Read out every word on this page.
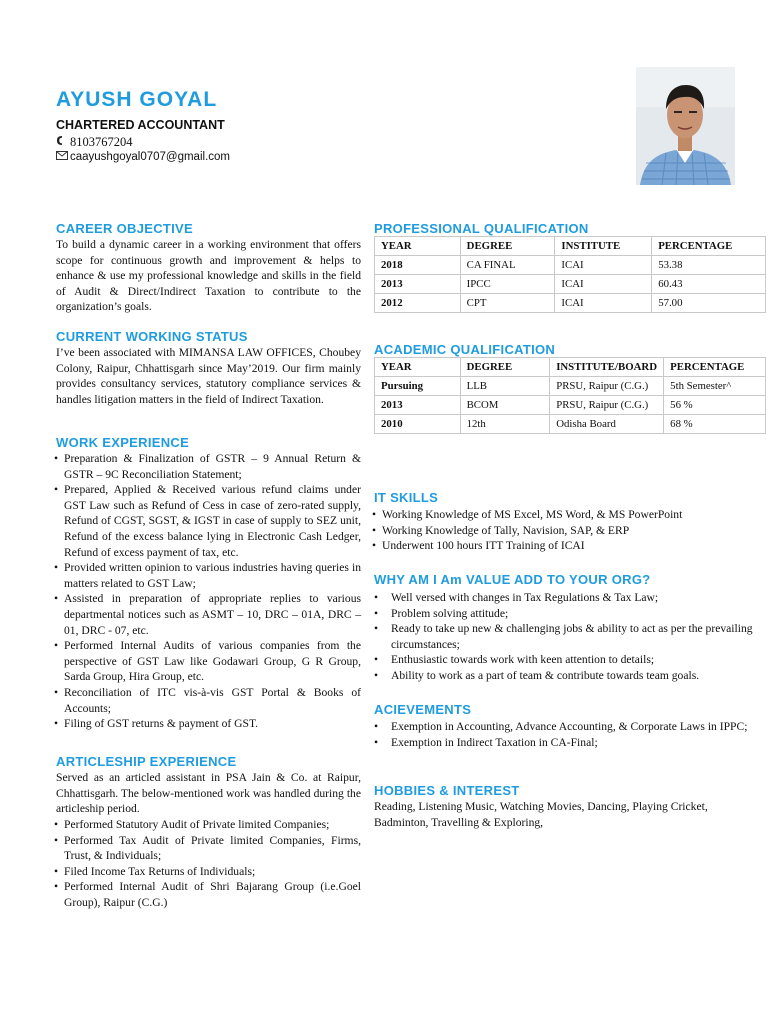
AYUSH GOYAL
CHARTERED ACCOUNTANT
8103767204
caayushgoyal0707@gmail.com
CAREER OBJECTIVE
To build a dynamic career in a working environment that offers scope for continuous growth and improvement & helps to enhance & use my professional knowledge and skills in the field of Audit & Direct/Indirect Taxation to contribute to the organization’s goals.
CURRENT WORKING STATUS
I’ve been associated with MIMANSA LAW OFFICES, Choubey Colony, Raipur, Chhattisgarh since May’2019. Our firm mainly provides consultancy services, statutory compliance services & handles litigation matters in the field of Indirect Taxation.
WORK EXPERIENCE
• Preparation & Finalization of GSTR – 9 Annual Return & GSTR – 9C Reconciliation Statement;
• Prepared, Applied & Received various refund claims under GST Law such as Refund of Cess in case of zero-rated supply, Refund of CGST, SGST, & IGST in case of supply to SEZ unit, Refund of the excess balance lying in Electronic Cash Ledger, Refund of excess payment of tax, etc.
• Provided written opinion to various industries having queries in matters related to GST Law;
• Assisted in preparation of appropriate replies to various departmental notices such as ASMT – 10, DRC – 01A, DRC – 01, DRC - 07, etc.
• Performed Internal Audits of various companies from the perspective of GST Law like Godawari Group, G R Group, Sarda Group, Hira Group, etc.
• Reconciliation of ITC vis-à-vis GST Portal & Books of Accounts;
• Filing of GST returns & payment of GST.
ARTICLESHIP EXPERIENCE
Served as an articled assistant in PSA Jain & Co. at Raipur, Chhattisgarh. The below-mentioned work was handled during the articleship period.
• Performed Statutory Audit of Private limited Companies;
• Performed Tax Audit of Private limited Companies, Firms, Trust, & Individuals;
• Filed Income Tax Returns of Individuals;
• Performed Internal Audit of Shri Bajarang Group (i.e.Goel Group), Raipur (C.G.)
PROFESSIONAL QUALIFICATION
YEAR	DEGREE	INSTITUTE	PERCENTAGE
2018	CA FINAL	ICAI	53.38
2013	IPCC	ICAI	60.43
2012	CPT	ICAI	57.00
ACADEMIC QUALIFICATION
YEAR	DEGREE	INSTITUTE/BOARD	PERCENTAGE
Pursuing	LLB	PRSU, Raipur (C.G.)	5th Semester^
2013	BCOM	PRSU, Raipur (C.G.)	56 %
2010	12th	Odisha Board	68 %
IT SKILLS
• Working Knowledge of MS Excel, MS Word, & MS PowerPoint
• Working Knowledge of Tally, Navision, SAP, & ERP
• Underwent 100 hours ITT Training of ICAI
WHY AM I Am VALUE ADD TO YOUR ORG?
• Well versed with changes in Tax Regulations & Tax Law;
• Problem solving attitude;
• Ready to take up new & challenging jobs & ability to act as per the prevailing circumstances;
• Enthusiastic towards work with keen attention to details;
• Ability to work as a part of team & contribute towards team goals.
ACIEVEMENTS
• Exemption in Accounting, Advance Accounting, & Corporate Laws in IPPC;
• Exemption in Indirect Taxation in CA-Final;
HOBBIES & INTEREST
Reading, Listening Music, Watching Movies, Dancing, Playing Cricket, Badminton, Travelling & Exploring,
